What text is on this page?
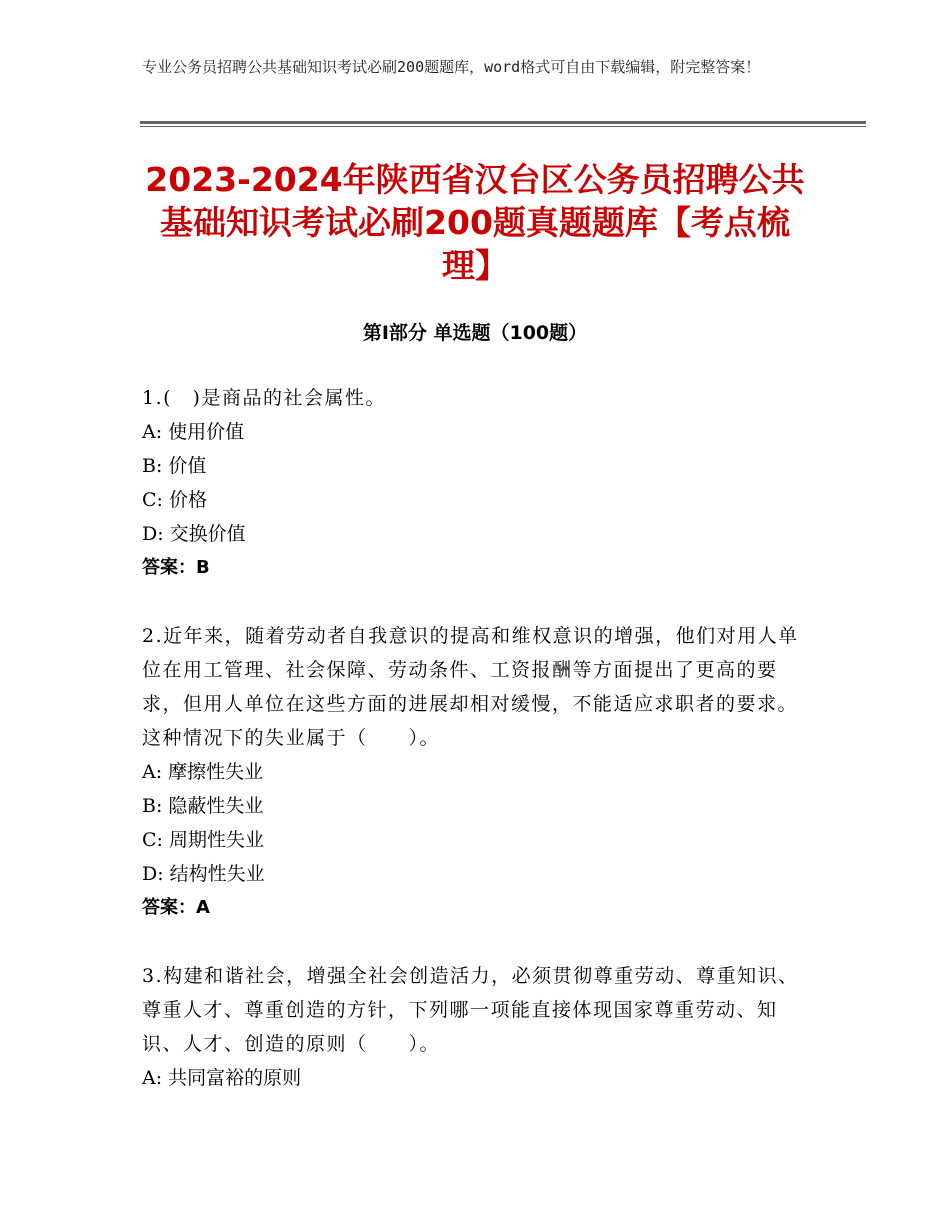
专业公务员招聘公共基础知识考试必刷200题题库，word格式可自由下载编辑，附完整答案！
2023-2024年陕西省汉台区公务员招聘公共基础知识考试必刷200题真题题库【考点梳理】
第Ⅰ部分 单选题（100题）
1.(　)是商品的社会属性。
A: 使用价值
B: 价值
C: 价格
D: 交换价值
答案：B
2.近年来，随着劳动者自我意识的提高和维权意识的增强，他们对用人单位在用工管理、社会保障、劳动条件、工资报酬等方面提出了更高的要求，但用人单位在这些方面的进展却相对缓慢，不能适应求职者的要求。这种情况下的失业属于（　　）。
A: 摩擦性失业
B: 隐蔽性失业
C: 周期性失业
D: 结构性失业
答案：A
3.构建和谐社会，增强全社会创造活力，必须贯彻尊重劳动、尊重知识、尊重人才、尊重创造的方针，下列哪一项能直接体现国家尊重劳动、知识、人才、创造的原则（　　）。
A: 共同富裕的原则
